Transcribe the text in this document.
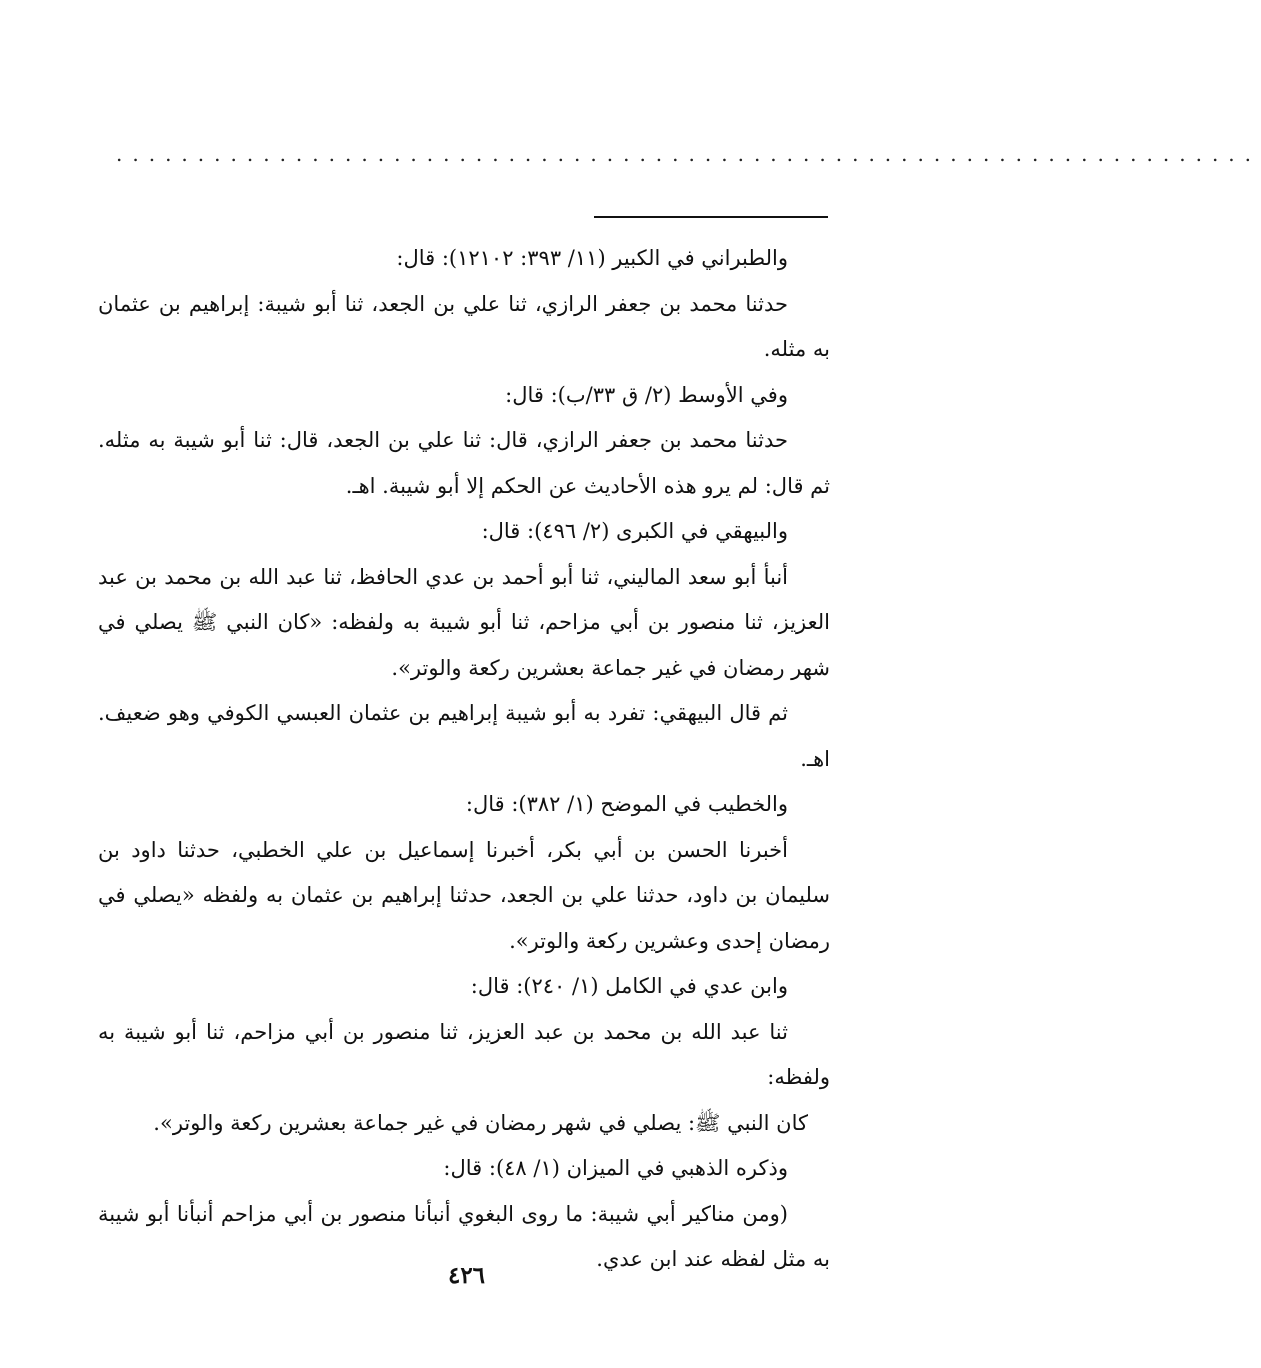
......................................................................

والطبراني في الكبير (١١/ ٣٩٣: ١٢١٠٢): قال:

حدثنا محمد بن جعفر الرازي، ثنا علي بن الجعد، ثنا أبو شيبة: إبراهيم بن عثمان به مثله.

وفي الأوسط (٢/ ق ٣٣/ب): قال:

حدثنا محمد بن جعفر الرازي، قال: ثنا علي بن الجعد، قال: ثنا أبو شيبة به مثله. ثم قال: لم يرو هذه الأحاديث عن الحكم إلا أبو شيبة. اهـ.

والبيهقي في الكبرى (٢/ ٤٩٦): قال:

أنبأ أبو سعد الماليني، ثنا أبو أحمد بن عدي الحافظ، ثنا عبد الله بن محمد بن عبد العزيز، ثنا منصور بن أبي مزاحم، ثنا أبو شيبة به ولفظه: «كان النبي ﷺ يصلي في شهر رمضان في غير جماعة بعشرين ركعة والوتر».

ثم قال البيهقي: تفرد به أبو شيبة إبراهيم بن عثمان العبسي الكوفي وهو ضعيف. اهـ.

والخطيب في الموضح (١/ ٣٨٢): قال:

أخبرنا الحسن بن أبي بكر، أخبرنا إسماعيل بن علي الخطبي، حدثنا داود بن سليمان بن داود، حدثنا علي بن الجعد، حدثنا إبراهيم بن عثمان به ولفظه «يصلي في رمضان إحدى وعشرين ركعة والوتر».

وابن عدي في الكامل (١/ ٢٤٠): قال:

ثنا عبد الله بن محمد بن عبد العزيز، ثنا منصور بن أبي مزاحم، ثنا أبو شيبة به ولفظه:

كان النبي ﷺ: يصلي في شهر رمضان في غير جماعة بعشرين ركعة والوتر».

وذكره الذهبي في الميزان (١/ ٤٨): قال:

(ومن مناكير أبي شيبة: ما روى البغوي أنبأنا منصور بن أبي مزاحم أنبأنا أبو شيبة به مثل لفظه عند ابن عدي.

٤٢٦
